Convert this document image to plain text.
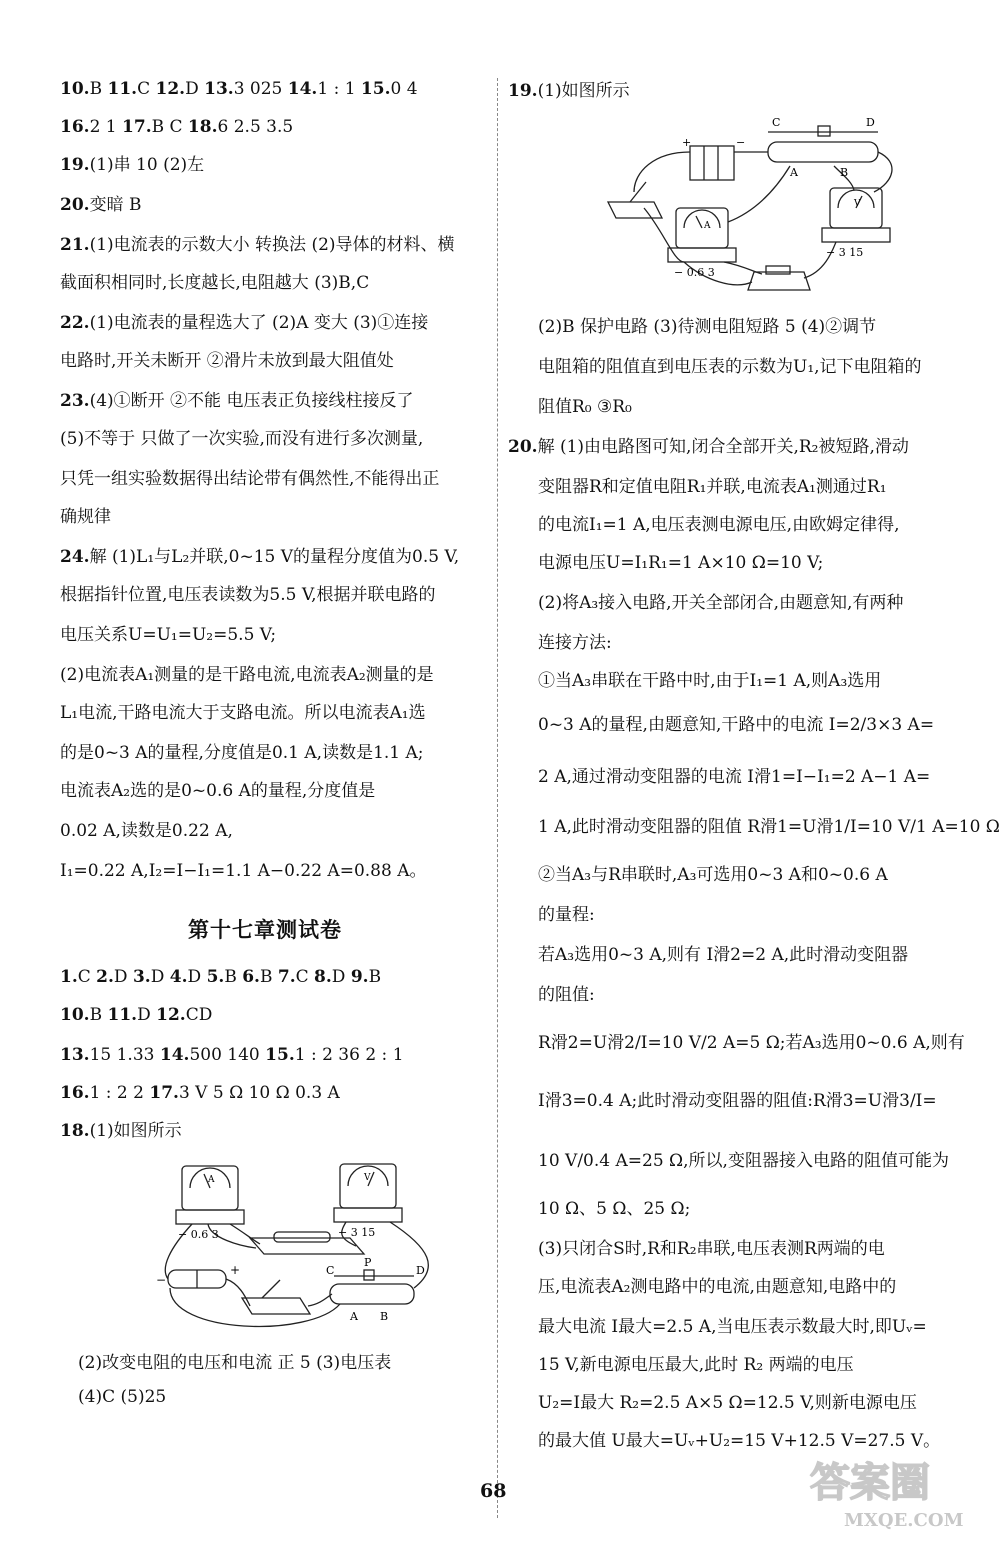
10.B 11.C 12.D 13.3 025 14.1 : 1 15.0 4
16.2 1 17.B C 18.6 2.5 3.5
19.(1)串 10 (2)左
20.变暗 B
21.(1)电流表的示数大小 转换法 (2)导体的材料、横
截面积相同时,长度越长,电阻越大 (3)B,C
22.(1)电流表的量程选大了 (2)A 变大 (3)①连接
电路时,开关未断开 ②滑片未放到最大阻值处
23.(4)①断开 ②不能 电压表正负接线柱接反了
(5)不等于 只做了一次实验,而没有进行多次测量,
只凭一组实验数据得出结论带有偶然性,不能得出正
确规律
24.解 (1)L₁与L₂并联,0~15 V的量程分度值为0.5 V,
根据指针位置,电压表读数为5.5 V,根据并联电路的
电压关系U=U₁=U₂=5.5 V;
(2)电流表A₁测量的是干路电流,电流表A₂测量的是
L₁电流,干路电流大于支路电流。所以电流表A₁选
的是0~3 A的量程,分度值是0.1 A,读数是1.1 A;
电流表A₂选的是0~0.6 A的量程,分度值是
0.02 A,读数是0.22 A,
I₁=0.22 A,I₂=I−I₁=1.1 A−0.22 A=0.88 A。
第十七章测试卷
1.C 2.D 3.D 4.D 5.B 6.B 7.C 8.D 9.B
10.B 11.D 12.CD
13.15 1.33 14.500 140 15.1 : 2 36 2 : 1
16.1 : 2 2 17.3 V 5 Ω 10 Ω 0.3 A
18.(1)如图所示
A	V
− 0.6 3	− 3 15
−
+	C
P
D
A B
(2)改变电阻的电压和电流 正 5 (3)电压表
(4)C (5)25
19.(1)如图所示
A
V
− 0.6 3
− 3 15
C	D
A	B
+	−
(2)B 保护电路 (3)待测电阻短路 5 (4)②调节
电阻箱的阻值直到电压表的示数为U₁,记下电阻箱的
阻值R₀ ③R₀
20.解 (1)由电路图可知,闭合全部开关,R₂被短路,滑动
变阻器R和定值电阻R₁并联,电流表A₁测通过R₁
的电流I₁=1 A,电压表测电源电压,由欧姆定律得,
电源电压U=I₁R₁=1 A×10 Ω=10 V;
(2)将A₃接入电路,开关全部闭合,由题意知,有两种
连接方法:
①当A₃串联在干路中时,由于I₁=1 A,则A₃选用
0~3 A的量程,由题意知,干路中的电流 I=2/3×3 A=
2 A,通过滑动变阻器的电流 I滑1=I−I₁=2 A−1 A=
1 A,此时滑动变阻器的阻值 R滑1=U滑1/I=10 V/1 A=10 Ω
②当A₃与R串联时,A₃可选用0~3 A和0~0.6 A
的量程:
若A₃选用0~3 A,则有 I滑2=2 A,此时滑动变阻器
的阻值:
R滑2=U滑2/I=10 V/2 A=5 Ω;若A₃选用0~0.6 A,则有
I滑3=0.4 A;此时滑动变阻器的阻值:R滑3=U滑3/I=
10 V/0.4 A=25 Ω,所以,变阻器接入电路的阻值可能为
10 Ω、5 Ω、25 Ω;
(3)只闭合S时,R和R₂串联,电压表测R两端的电
压,电流表A₂测电路中的电流,由题意知,电路中的
最大电流 I最大=2.5 A,当电压表示数最大时,即Uᵥ=
15 V,新电源电压最大,此时 R₂ 两端的电压
U₂=I最大 R₂=2.5 A×5 Ω=12.5 V,则新电源电压
的最大值 U最大=Uᵥ+U₂=15 V+12.5 V=27.5 V。
68	答案圈
MXQE.COM
